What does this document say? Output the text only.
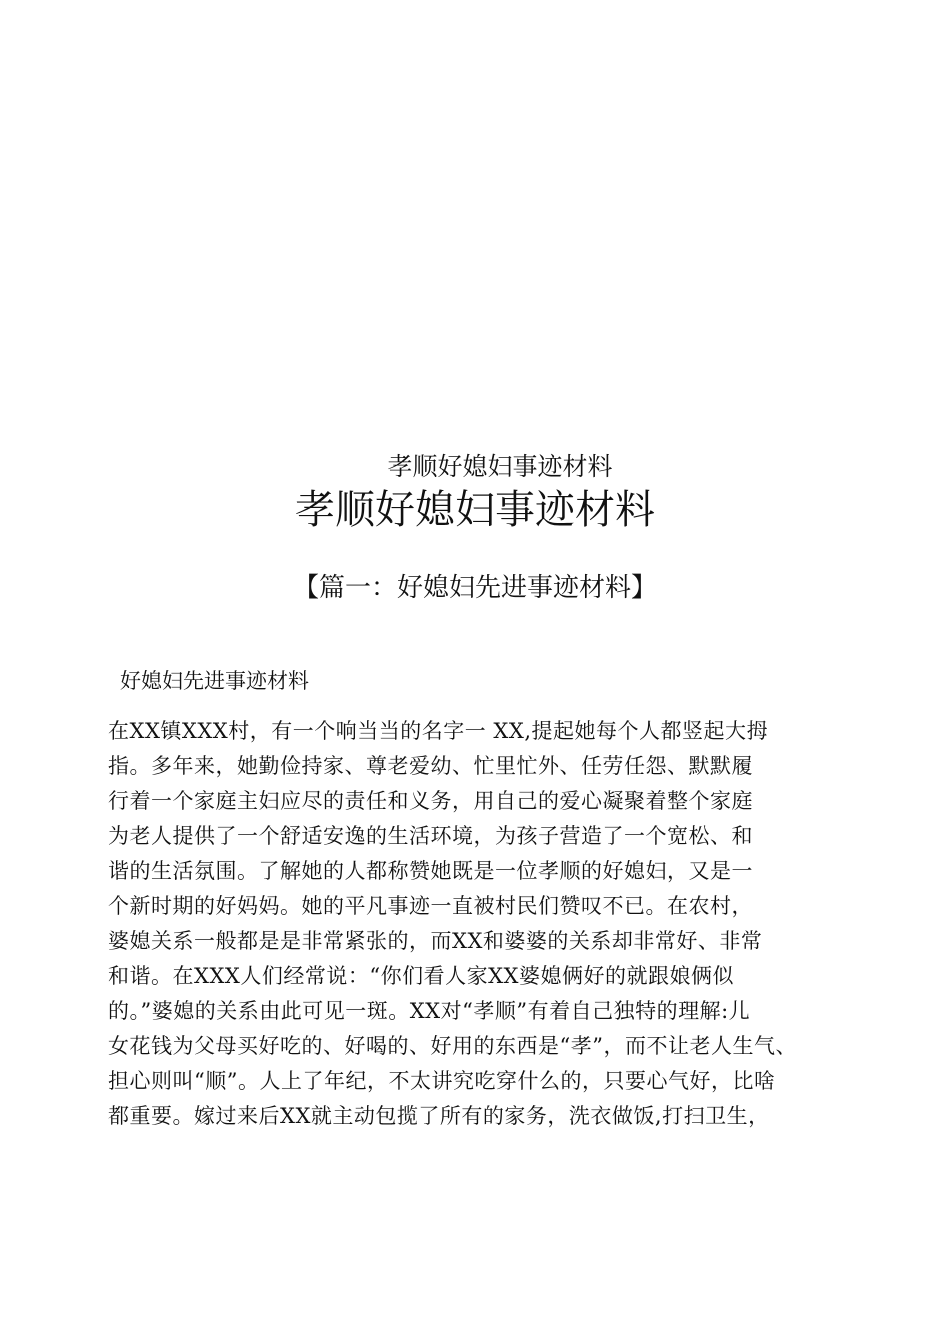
孝顺好媳妇事迹材料
孝顺好媳妇事迹材料
【篇一：好媳妇先进事迹材料】
好媳妇先进事迹材料
在XX镇XXX村，有一个响当当的名字一 XX,提起她每个人都竖起大拇
指。多年来，她勤俭持家、尊老爱幼、忙里忙外、任劳任怨、默默履
行着一个家庭主妇应尽的责任和义务，用自己的爱心凝聚着整个家庭
为老人提供了一个舒适安逸的生活环境，为孩子营造了一个宽松、和
谐的生活氛围。了解她的人都称赞她既是一位孝顺的好媳妇，又是一
个新时期的好妈妈。她的平凡事迹一直被村民们赞叹不已。在农村，
婆媳关系一般都是是非常紧张的，而XX和婆婆的关系却非常好、非常
和谐。在XXX人们经常说：“你们看人家XX婆媳俩好的就跟娘俩似
的。”婆媳的关系由此可见一斑。XX对“孝顺”有着自己独特的理解:儿
女花钱为父母买好吃的、好喝的、好用的东西是“孝”，而不让老人生气、
担心则叫“顺”。人上了年纪，不太讲究吃穿什么的，只要心气好，比啥
都重要。嫁过来后XX就主动包揽了所有的家务，洗衣做饭,打扫卫生，
